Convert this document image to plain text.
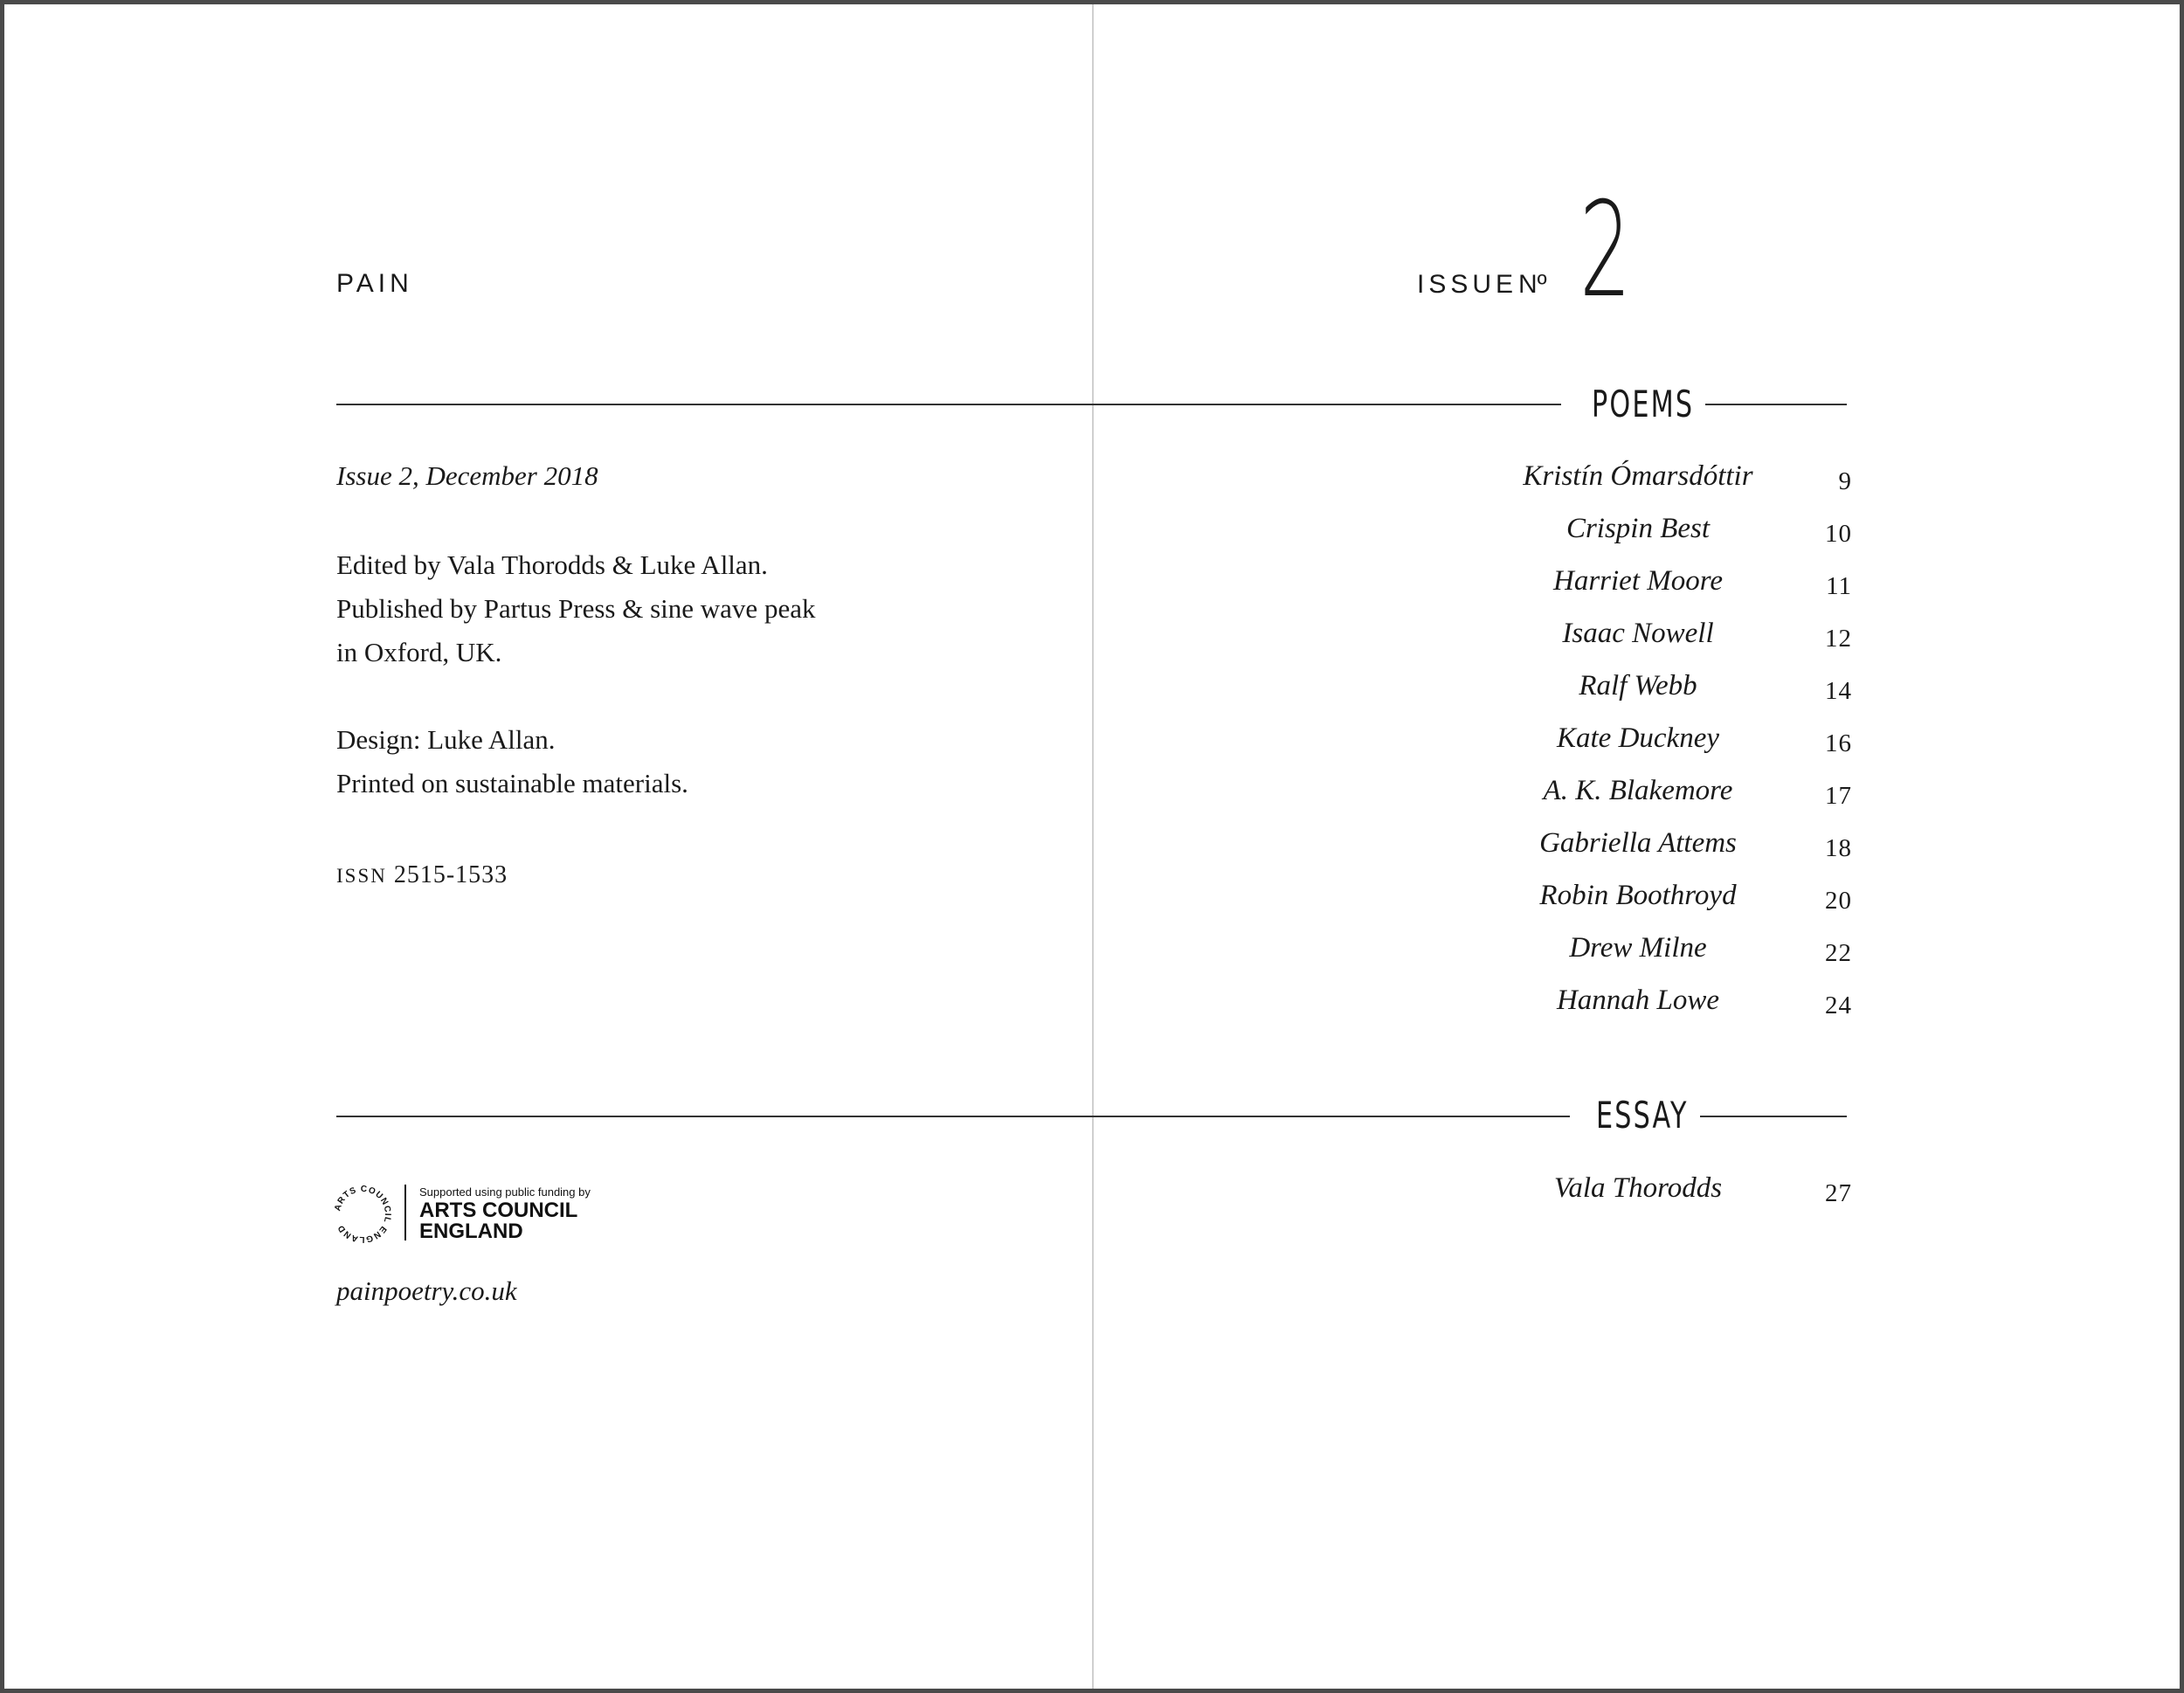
PAIN	ISSUE Nº 2
POEMS
ESSAY
Issue 2, December 2018
Edited by Vala Thorodds & Luke Allan.
Published by Partus Press & sine wave peak
in Oxford, UK.
Design: Luke Allan.
Printed on sustainable materials.
ISSN 2515-1533
ARTS COUNCIL ENGLAND
Supported using public funding by
ARTS COUNCIL
ENGLAND
painpoetry.co.uk
Kristín Ómarsdóttir	9
Crispin Best	10
Harriet Moore	11
Isaac Nowell	12
Ralf Webb	14
Kate Duckney	16
A. K. Blakemore	17
Gabriella Attems	18
Robin Boothroyd	20
Drew Milne	22
Hannah Lowe	24
Vala Thorodds	27
